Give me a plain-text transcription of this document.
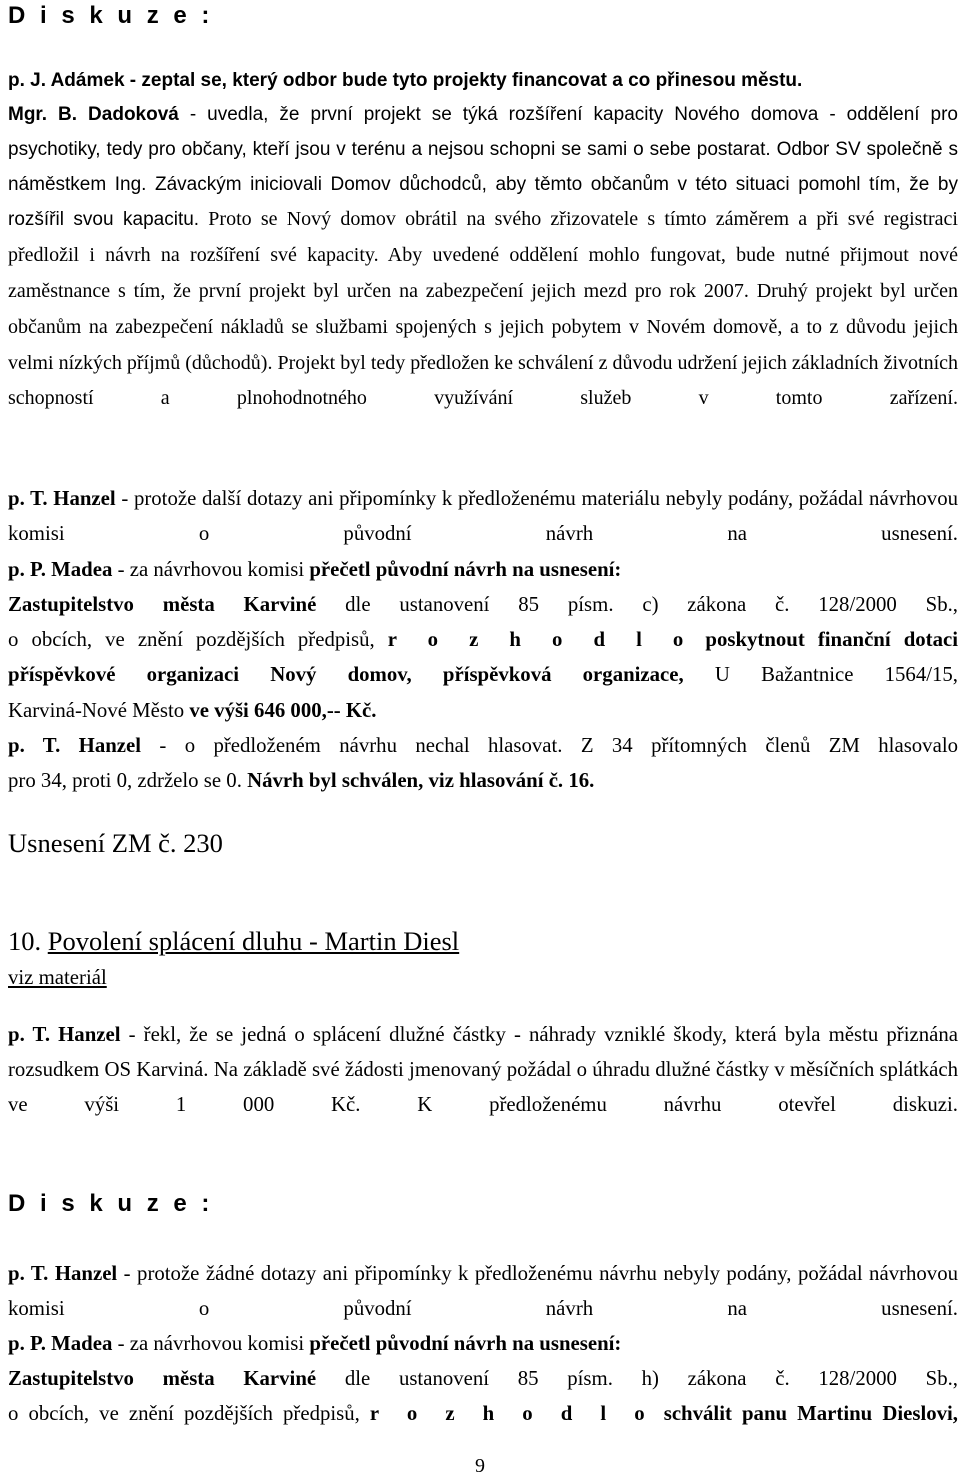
D i s k u z e :
p. J. Adámek - zeptal se, který odbor bude tyto projekty financovat a co přinesou městu.

Mgr. B. Dadoková - uvedla, že první projekt se týká rozšíření kapacity Nového domova - oddělení pro psychotiky, tedy pro občany, kteří jsou v terénu a nejsou schopni se sami o sebe postarat. Odbor SV společně s náměstkem Ing. Závackým iniciovali Domov důchodců, aby těmto občanům v této situaci pomohl tím, že by rozšířil svou kapacitu. Proto se Nový domov obrátil na svého zřizovatele s tímto záměrem a při své registraci předložil i návrh na rozšíření své kapacity. Aby uvedené oddělení mohlo fungovat, bude nutné přijmout nové zaměstnance s tím, že první projekt byl určen na zabezpečení jejich mezd pro rok 2007. Druhý projekt byl určen občanům na zabezpečení nákladů se službami spojených s jejich pobytem v Novém domově, a to z důvodu jejich velmi nízkých příjmů (důchodů). Projekt byl tedy předložen ke schválení z důvodu udržení jejich základních životních schopností a plnohodnotného využívání služeb v tomto zařízení.

p. T. Hanzel - protože další dotazy ani připomínky k předloženému materiálu nebyly podány, požádal návrhovou komisi o původní návrh na usnesení.

p. P. Madea - za návrhovou komisi přečetl původní návrh na usnesení:

Zastupitelstvo města Karviné dle ustanovení 85 písm. c) zákona č. 128/2000 Sb.,

o obcích, ve znění pozdějších předpisů, r o z h o d l o poskytnout finanční dotaci

příspěvkové organizaci Nový domov, příspěvková organizace, U Bažantnice 1564/15,

Karviná-Nové Město ve výši 646 000,-- Kč.

p. T. Hanzel - o předloženém návrhu nechal hlasovat. Z 34 přítomných členů ZM hlasovalo

pro 34, proti 0, zdrželo se 0. Návrh byl schválen, viz hlasování č. 16.
Usnesení ZM č. 230
10. Povolení splácení dluhu - Martin Diesl
viz materiál

p. T. Hanzel - řekl, že se jedná o splácení dlužné částky - náhrady vzniklé škody, která byla městu přiznána rozsudkem OS Karviná. Na základě své žádosti jmenovaný požádal o úhradu dlužné částky v měsíčních splátkách ve výši 1 000 Kč. K předloženému návrhu otevřel diskuzi.

D i s k u z e :

p. T. Hanzel - protože žádné dotazy ani připomínky k předloženému návrhu nebyly podány, požádal návrhovou komisi o původní návrh na usnesení.

p. P. Madea - za návrhovou komisi přečetl původní návrh na usnesení:

Zastupitelstvo města Karviné dle ustanovení 85 písm. h) zákona č. 128/2000 Sb.,

o obcích, ve znění pozdějších předpisů, r o z h o d l o schválit panu Martinu Dieslovi,

9
